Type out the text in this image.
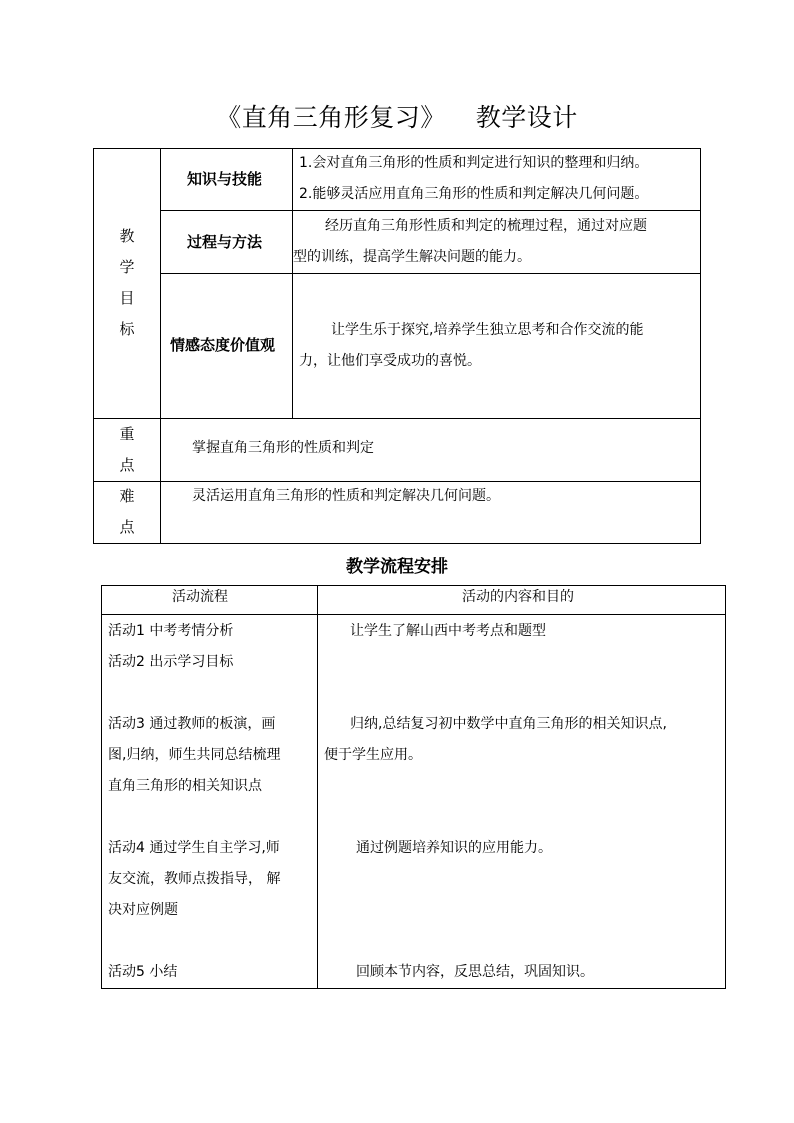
《直角三角形复习》 教学设计
教
学
目
标
知识与技能
1.会对直角三角形的性质和判定进行知识的整理和归纳。
2.能够灵活应用直角三角形的性质和判定解决几何问题。
过程与方法
经历直角三角形性质和判定的梳理过程，通过对应题
型的训练，提高学生解决问题的能力。
情感态度价值观
让学生乐于探究,培养学生独立思考和合作交流的能
力，让他们享受成功的喜悦。
重
点
掌握直角三角形的性质和判定
难
点
灵活运用直角三角形的性质和判定解决几何问题。
教学流程安排
活动流程	活动的内容和目的
活动1 中考考情分析
活动2 出示学习目标
活动3 通过教师的板演，画
图,归纳，师生共同总结梳理
直角三角形的相关知识点
活动4 通过学生自主学习,师
友交流，教师点拨指导， 解
决对应例题
活动5 小结
让学生了解山西中考考点和题型
归纳,总结复习初中数学中直角三角形的相关知识点,
便于学生应用。
通过例题培养知识的应用能力。
回顾本节内容，反思总结，巩固知识。
